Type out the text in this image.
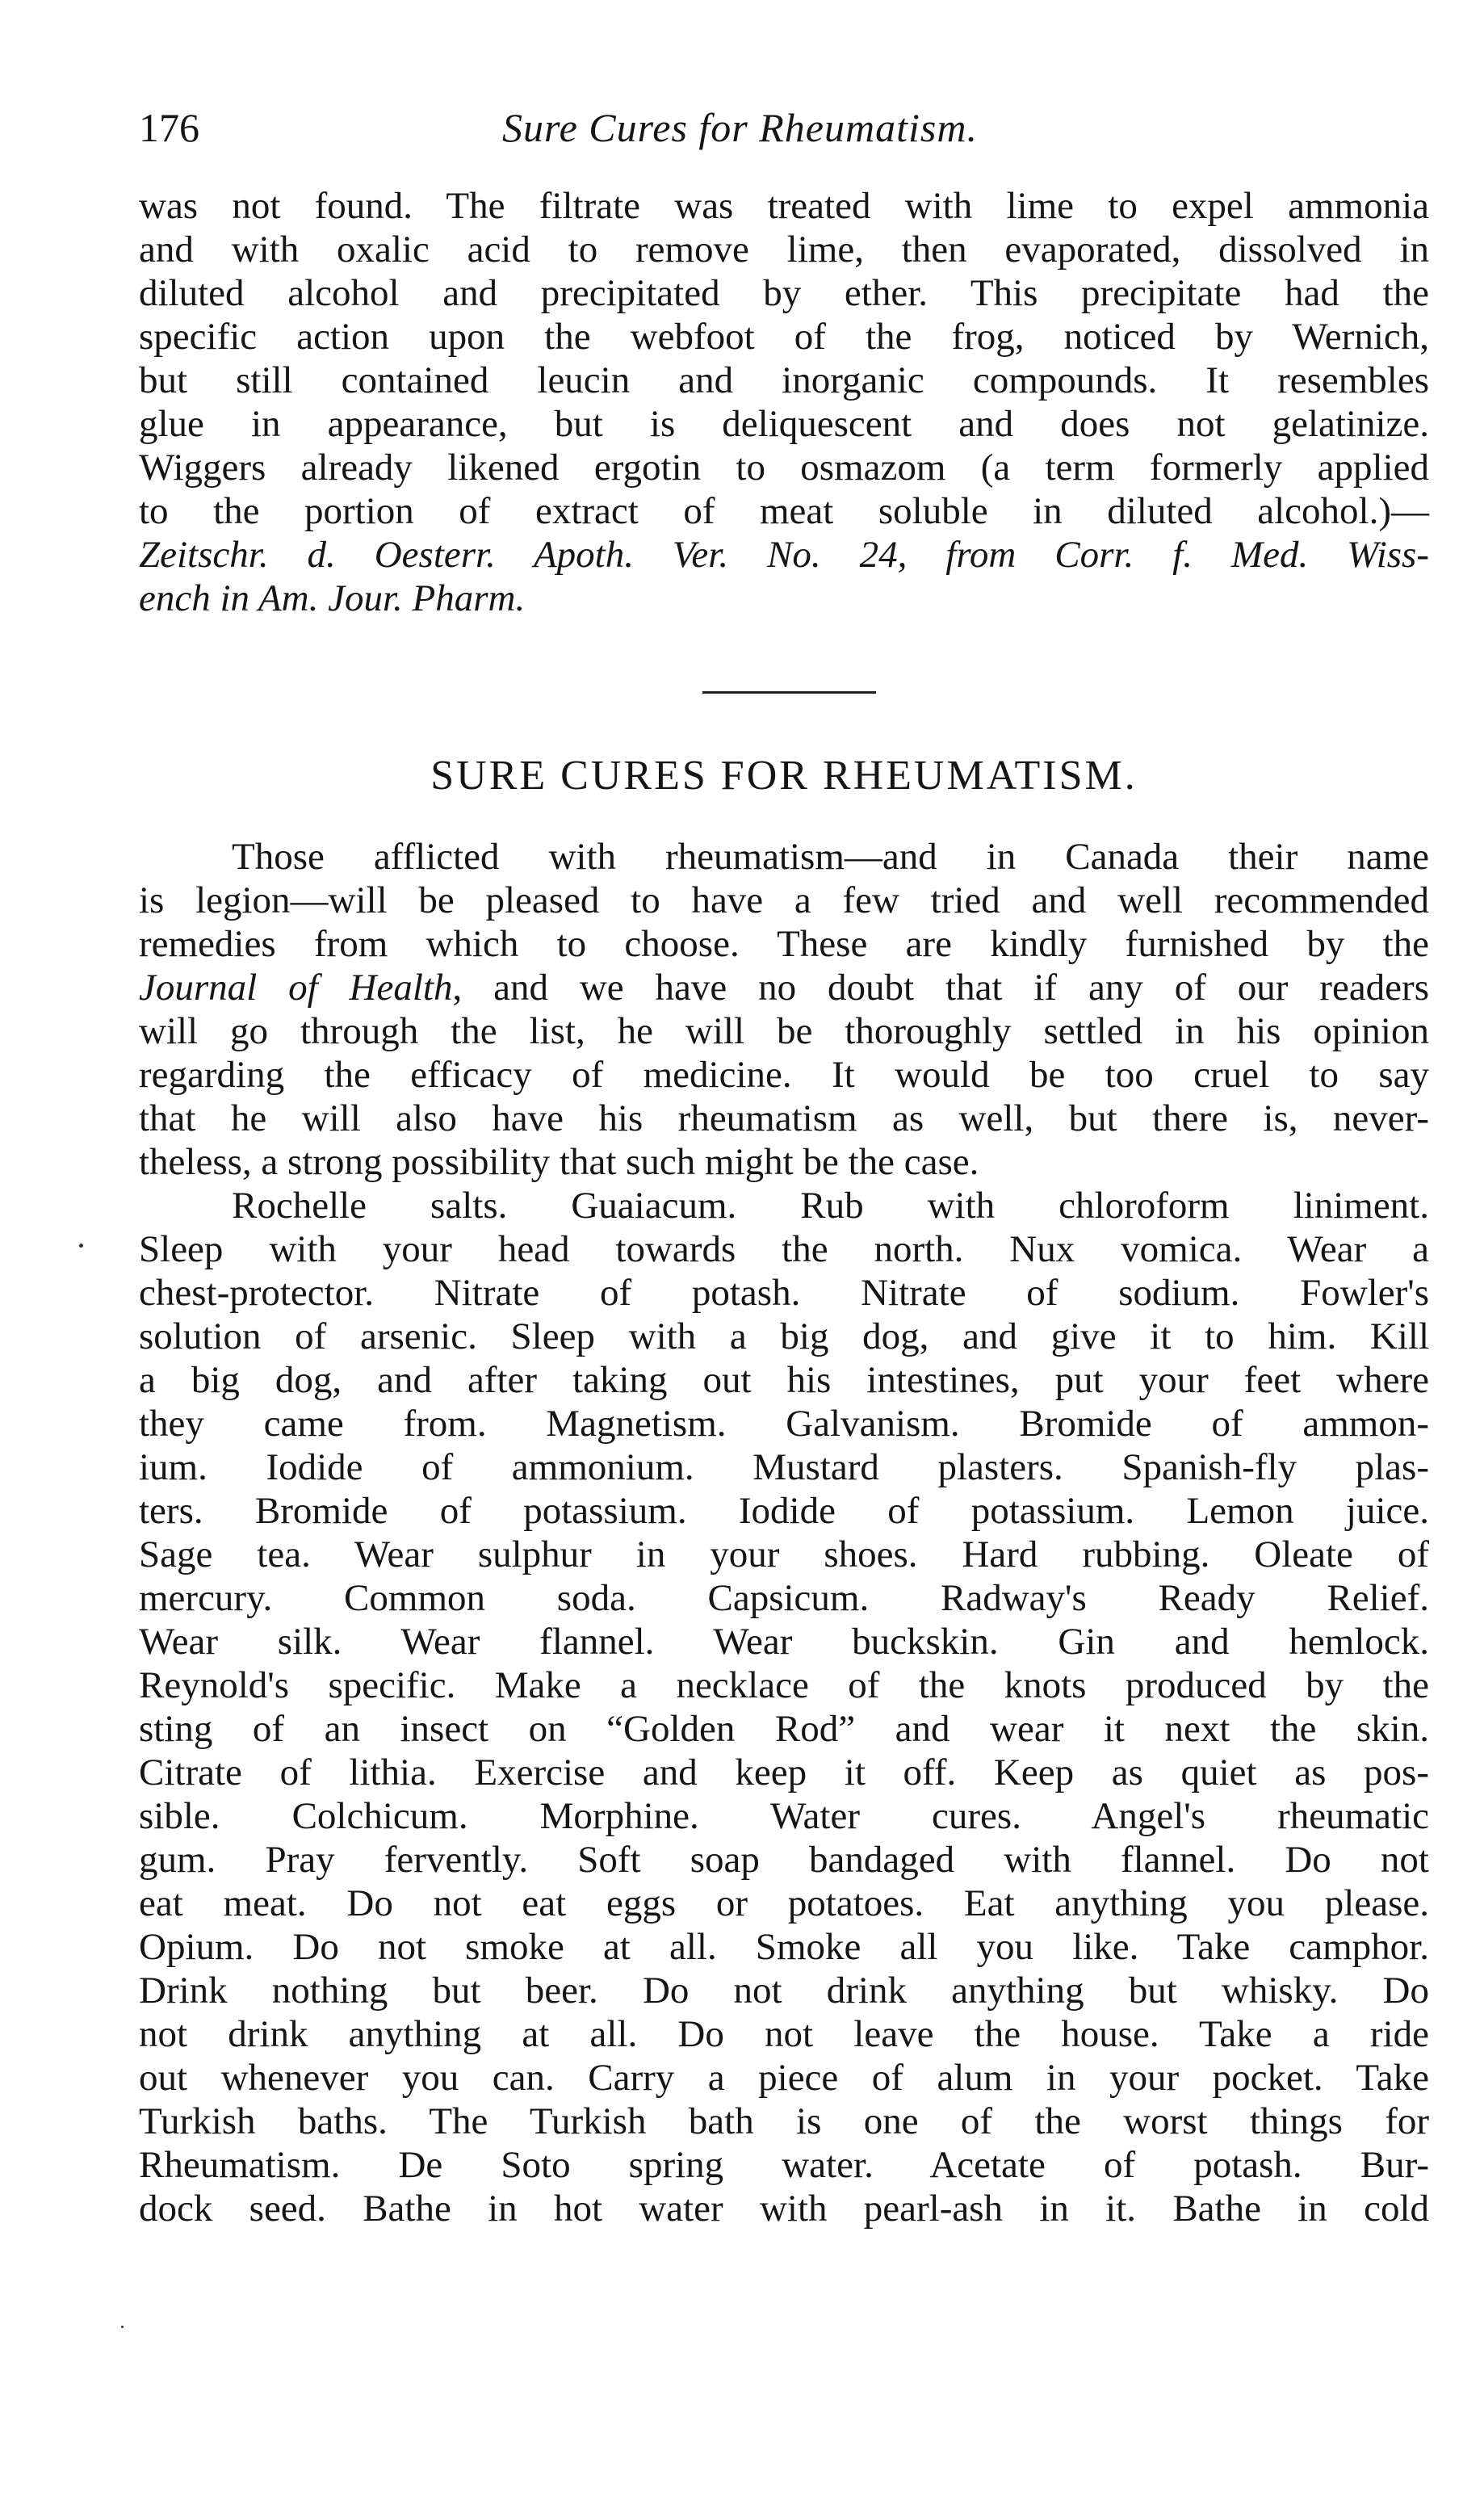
176	Sure Cures for Rheumatism.
was not found. The filtrate was treated with lime to expel ammonia
and with oxalic acid to remove lime, then evaporated, dissolved in
diluted alcohol and precipitated by ether. This precipitate had the
specific action upon the webfoot of the frog, noticed by Wernich,
but still contained leucin and inorganic compounds. It resembles
glue in appearance, but is deliquescent and does not gelatinize.
Wiggers already likened ergotin to osmazom (a term formerly applied
to the portion of extract of meat soluble in diluted alcohol.)—
Zeitschr. d. Oesterr. Apoth. Ver. No. 24, from Corr. f. Med. Wiss-
ench in Am. Jour. Pharm.
SURE CURES FOR RHEUMATISM.
Those afflicted with rheumatism—and in Canada their name
is legion—will be pleased to have a few tried and well recommended
remedies from which to choose. These are kindly furnished by the
Journal of Health, and we have no doubt that if any of our readers
will go through the list, he will be thoroughly settled in his opinion
regarding the efficacy of medicine. It would be too cruel to say
that he will also have his rheumatism as well, but there is, never-
theless, a strong possibility that such might be the case.
Rochelle salts. Guaiacum. Rub with chloroform liniment.
Sleep with your head towards the north. Nux vomica. Wear a
chest-protector. Nitrate of potash. Nitrate of sodium. Fowler's
solution of arsenic. Sleep with a big dog, and give it to him. Kill
a big dog, and after taking out his intestines, put your feet where
they came from. Magnetism. Galvanism. Bromide of ammon-
ium. Iodide of ammonium. Mustard plasters. Spanish-fly plas-
ters. Bromide of potassium. Iodide of potassium. Lemon juice.
Sage tea. Wear sulphur in your shoes. Hard rubbing. Oleate of
mercury. Common soda. Capsicum. Radway's Ready Relief.
Wear silk. Wear flannel. Wear buckskin. Gin and hemlock.
Reynold's specific. Make a necklace of the knots produced by the
sting of an insect on “Golden Rod” and wear it next the skin.
Citrate of lithia. Exercise and keep it off. Keep as quiet as pos-
sible. Colchicum. Morphine. Water cures. Angel's rheumatic
gum. Pray fervently. Soft soap bandaged with flannel. Do not
eat meat. Do not eat eggs or potatoes. Eat anything you please.
Opium. Do not smoke at all. Smoke all you like. Take camphor.
Drink nothing but beer. Do not drink anything but whisky. Do
not drink anything at all. Do not leave the house. Take a ride
out whenever you can. Carry a piece of alum in your pocket. Take
Turkish baths. The Turkish bath is one of the worst things for
Rheumatism. De Soto spring water. Acetate of potash. Bur-
dock seed. Bathe in hot water with pearl-ash in it. Bathe in cold
